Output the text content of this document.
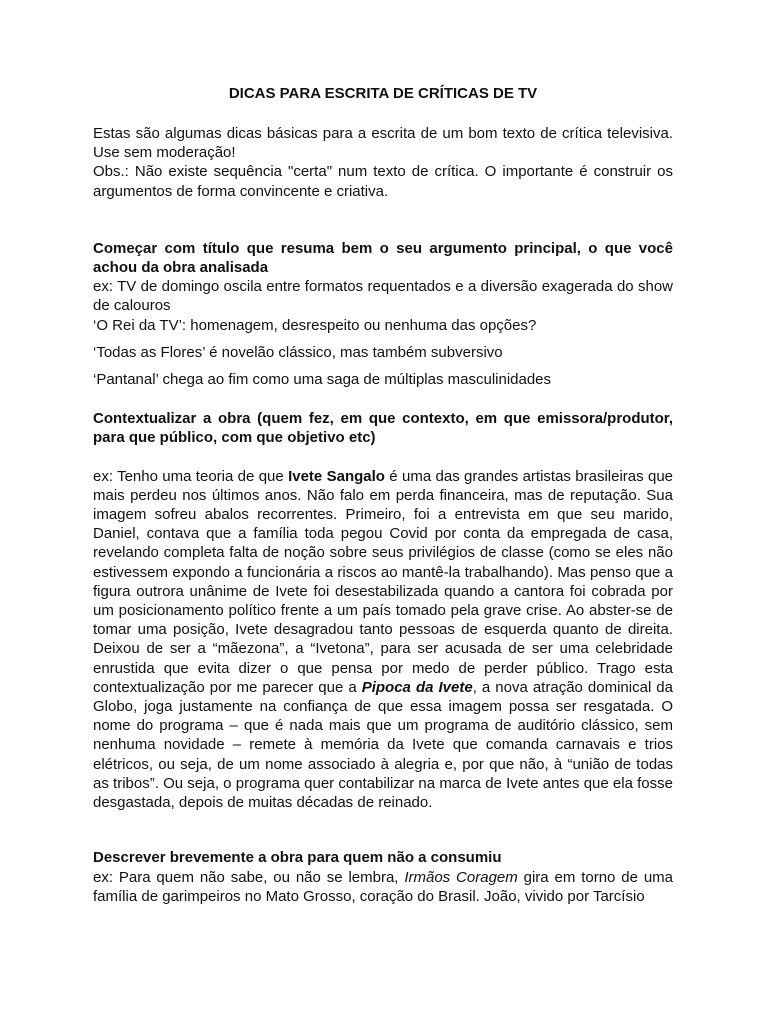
DICAS PARA ESCRITA DE CRÍTICAS DE TV

Estas são algumas dicas básicas para a escrita de um bom texto de crítica televisiva. Use sem moderação!

Obs.: Não existe sequência "certa" num texto de crítica. O importante é construir os argumentos de forma convincente e criativa.

Começar com título que resuma bem o seu argumento principal, o que você achou da obra analisada

ex: TV de domingo oscila entre formatos requentados e a diversão exagerada do show de calouros

‘O Rei da TV’: homenagem, desrespeito ou nenhuma das opções?

‘Todas as Flores’ é novelão clássico, mas também subversivo

‘Pantanal’ chega ao fim como uma saga de múltiplas masculinidades

Contextualizar a obra (quem fez, em que contexto, em que emissora/produtor, para que público, com que objetivo etc)

ex: Tenho uma teoria de que Ivete Sangalo é uma das grandes artistas brasileiras que mais perdeu nos últimos anos. Não falo em perda financeira, mas de reputação. Sua imagem sofreu abalos recorrentes. Primeiro, foi a entrevista em que seu marido, Daniel, contava que a família toda pegou Covid por conta da empregada de casa, revelando completa falta de noção sobre seus privilégios de classe (como se eles não estivessem expondo a funcionária a riscos ao mantê-la trabalhando). Mas penso que a figura outrora unânime de Ivete foi desestabilizada quando a cantora foi cobrada por um posicionamento político frente a um país tomado pela grave crise. Ao abster-se de tomar uma posição, Ivete desagradou tanto pessoas de esquerda quanto de direita. Deixou de ser a “mãezona”, a “Ivetona”, para ser acusada de ser uma celebridade enrustida que evita dizer o que pensa por medo de perder público. Trago esta contextualização por me parecer que a Pipoca da Ivete, a nova atração dominical da Globo, joga justamente na confiança de que essa imagem possa ser resgatada. O nome do programa – que é nada mais que um programa de auditório clássico, sem nenhuma novidade – remete à memória da Ivete que comanda carnavais e trios elétricos, ou seja, de um nome associado à alegria e, por que não, à “união de todas as tribos”. Ou seja, o programa quer contabilizar na marca de Ivete antes que ela fosse desgastada, depois de muitas décadas de reinado.

Descrever brevemente a obra para quem não a consumiu

ex: Para quem não sabe, ou não se lembra, Irmãos Coragem gira em torno de uma família de garimpeiros no Mato Grosso, coração do Brasil. João, vivido por Tarcísio
